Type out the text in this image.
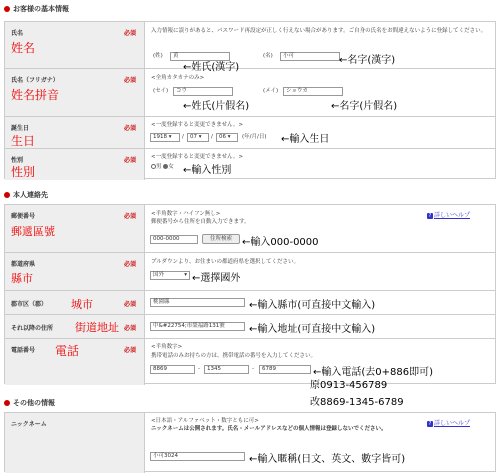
お客様の基本情報
氏名	必須
姓名
入力情報に誤りがあると、パスワード再設定が正しく行えない場合があります。ご自身の氏名をお間違えないように登録してください。
(姓)	黄	(名)	小可	←名字(漢字)
←姓氏(漢字)
氏名（フリガナ）	必須
姓名拼音
<全角カタカナのみ>
(セイ)	コウ	(メイ)	ショウカ
←姓氏(片假名)	←名字(片假名)
誕生日	必須
生日
<一度登録すると変更できません。>
1918 ▾	/	07 ▾	/	06 ▾	(年/月/日) ←輸入生日
性別	必須
性別
<一度登録すると変更できません。>
男 女 ←輸入性別
本人連絡先
郵便番号	必須
郵遞區號
<半角数字・ハイフン無し>
郵便番号から住所を自動入力できます。
000-0000	住所検索	←輸入000-0000
? 詳しいヘルプ
都道府県	必須
縣市
プルダウンより、お住まいの都道府県を選択してください。
国外	▾ ←選擇國外
郡市区（郡）	必須
城市	桃園縣	←輸入縣市(可直接中文輸入)
それ以降の住所 街道地址 必須	中&#22754;市榮福路131號	←輸入地址(可直接中文輸入)
電話番号 電話	必須	<半角数字>
携帯電話のみお持ちの方は、携帯電話の番号を入力してください。
8869	-	1345	-	6789	←輸入電話(去0+886即可)
原0913-456789
改8869-1345-6789
その他の情報
ニックネーム	<日本語・アルファベット・数字ともに可>
ニックネームは公開されます。氏名・メールアドレスなどの個人情報は登録しないでください。
小可3024	←輸入暱稱(日文、英文、數字皆可)
? 詳しいヘルプ
